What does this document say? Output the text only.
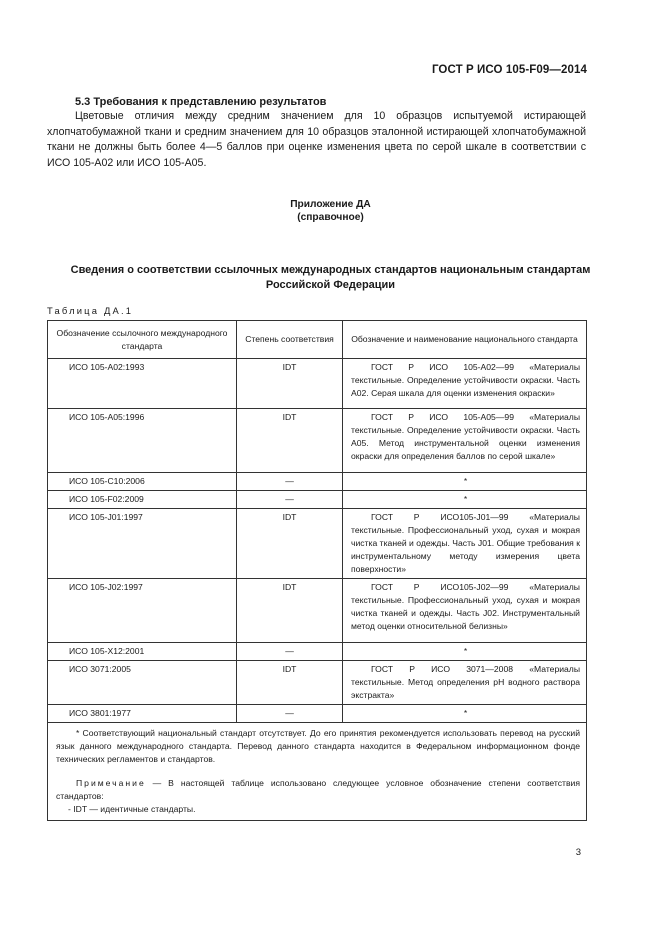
ГОСТ Р ИСО 105-F09—2014
5.3 Требования к представлению результатов
Цветовые отличия между средним значением для 10 образцов испытуемой истирающей хлопчатобумажной ткани и средним значением для 10 образцов эталонной истирающей хлопчатобумажной ткани не должны быть более 4—5 баллов при оценке изменения цвета по серой шкале в соответствии с ИСО 105-А02 или ИСО 105-А05.
Приложение ДА
(справочное)
Сведения о соответствии ссылочных международных стандартов национальным стандартам Российской Федерации
Таблица ДА.1
Обозначение ссылочного международного стандарта	Степень соответствия	Обозначение и наименование национального стандарта
ИСО 105-А02:1993	IDT	ГОСТ Р ИСО 105-А02—99 «Материалы текстильные. Определение устойчивости окраски. Часть А02. Серая шкала для оценки изменения окраски»

ИСО 105-А05:1996	IDT	ГОСТ Р ИСО 105-А05—99 «Материалы текстильные. Определение устойчивости окраски. Часть А05. Метод инструментальной оценки изменения окраски для определения баллов по серой шкале»

ИСО 105-С10:2006	—	*
ИСО 105-F02:2009	—	*
ИСО 105-J01:1997	IDT	ГОСТ Р ИСО105-J01—99 «Материалы текстильные. Профессиональный уход, сухая и мокрая чистка тканей и одежды. Часть J01. Общие требования к инструментальному методу измерения цвета поверхности»

ИСО 105-J02:1997	IDT	ГОСТ Р ИСО105-J02—99 «Материалы текстильные. Профессиональный уход, сухая и мокрая чистка тканей и одежды. Часть J02. Инструментальный метод оценки относительной белизны»

ИСО 105-Х12:2001	—	*
ИСО 3071:2005	IDT	ГОСТ Р ИСО 3071—2008 «Материалы текстильные. Метод определения pH водного раствора экстракта»

ИСО 3801:1977	—	*

* Соответствующий национальный стандарт отсутствует. До его принятия рекомендуется использовать перевод на русский язык данного международного стандарта. Перевод данного стандарта находится в Федеральном информационном фонде технических регламентов и стандартов.

Примечание — В настоящей таблице использовано следующее условное обозначение степени соответствия стандартов:

- IDT — идентичные стандарты.		

3
